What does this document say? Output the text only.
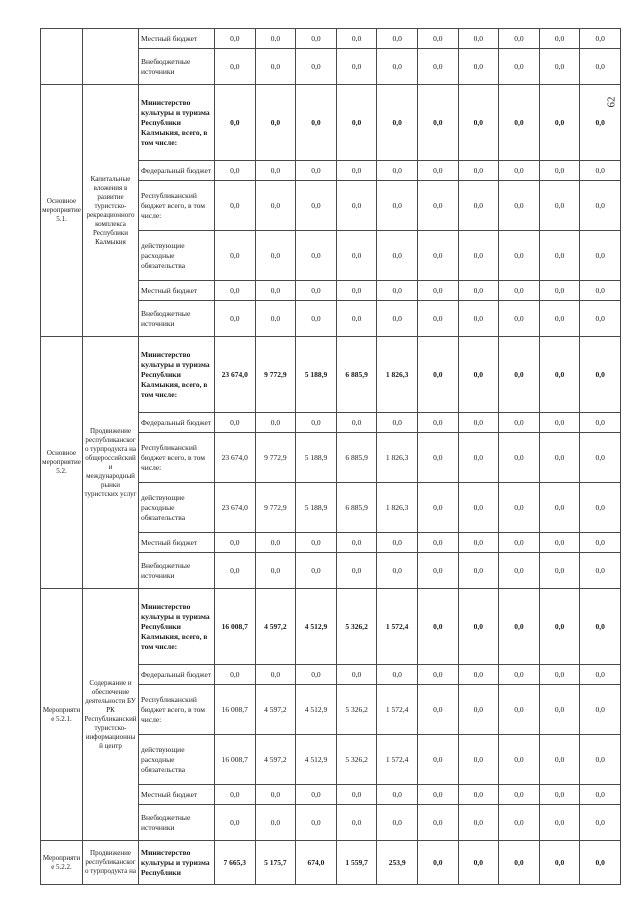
		Местный бюджет	0,0	0,0	0,0	0,0	0,0	0,0	0,0	0,0	0,0	0,0
		Внебюджетные источники	0,0	0,0	0,0	0,0	0,0	0,0	0,0	0,0	0,0	0,0
Основное мероприятие 5.1.	Капитальные вложения в развитие туристско-рекреационного комплекса Республики Калмыкия	Министерство культуры и туризма Республики Калмыкия, всего, в том числе:	0,0	0,0	0,0	0,0	0,0	0,0	0,0	0,0	0,0	0,0
		Федеральный бюджет	0,0	0,0	0,0	0,0	0,0	0,0	0,0	0,0	0,0	0,0
		Республиканский бюджет всего, в том числе:	0,0	0,0	0,0	0,0	0,0	0,0	0,0	0,0	0,0	0,0
		действующие расходные обязательства	0,0	0,0	0,0	0,0	0,0	0,0	0,0	0,0	0,0	0,0
		Местный бюджет	0,0	0,0	0,0	0,0	0,0	0,0	0,0	0,0	0,0	0,0
		Внебюджетные источники	0,0	0,0	0,0	0,0	0,0	0,0	0,0	0,0	0,0	0,0
Основное мероприятие 5.2.	Продвижение республиканского турпродукта на общероссийский и международный рынки туристских услуг	Министерство культуры и туризма Республики Калмыкия, всего, в том числе:	23 674,0	9 772,9	5 188,9	6 885,9	1 826,3	0,0	0,0	0,0	0,0	0,0
		Федеральный бюджет	0,0	0,0	0,0	0,0	0,0	0,0	0,0	0,0	0,0	0,0
		Республиканский бюджет всего, в том числе:	23 674,0	9 772,9	5 188,9	6 885,9	1 826,3	0,0	0,0	0,0	0,0	0,0
		действующие расходные обязательства	23 674,0	9 772,9	5 188,9	6 885,9	1 826,3	0,0	0,0	0,0	0,0	0,0
		Местный бюджет	0,0	0,0	0,0	0,0	0,0	0,0	0,0	0,0	0,0	0,0
		Внебюджетные источники	0,0	0,0	0,0	0,0	0,0	0,0	0,0	0,0	0,0	0,0
Мероприятие 5.2.1.	Содержание и обеспечение деятельности БУ РК Республиканский туристско-информационный центр	Министерство культуры и туризма Республики Калмыкия, всего, в том числе:	16 008,7	4 597,2	4 512,9	5 326,2	1 572,4	0,0	0,0	0,0	0,0	0,0
		Федеральный бюджет	0,0	0,0	0,0	0,0	0,0	0,0	0,0	0,0	0,0	0,0
		Республиканский бюджет всего, в том числе:	16 008,7	4 597,2	4 512,9	5 326,2	1 572,4	0,0	0,0	0,0	0,0	0,0
		действующие расходные обязательства	16 008,7	4 597,2	4 512,9	5 326,2	1 572,4	0,0	0,0	0,0	0,0	0,0
		Местный бюджет	0,0	0,0	0,0	0,0	0,0	0,0	0,0	0,0	0,0	0,0
		Внебюджетные источники	0,0	0,0	0,0	0,0	0,0	0,0	0,0	0,0	0,0	0,0
Мероприятие 5.2.2.	Продвижение республиканского турпродукта на	Министерство культуры и туризма Республики	7 665,3	5 175,7	674,0	1 559,7	253,9	0,0	0,0	0,0	0,0	0,0
62
